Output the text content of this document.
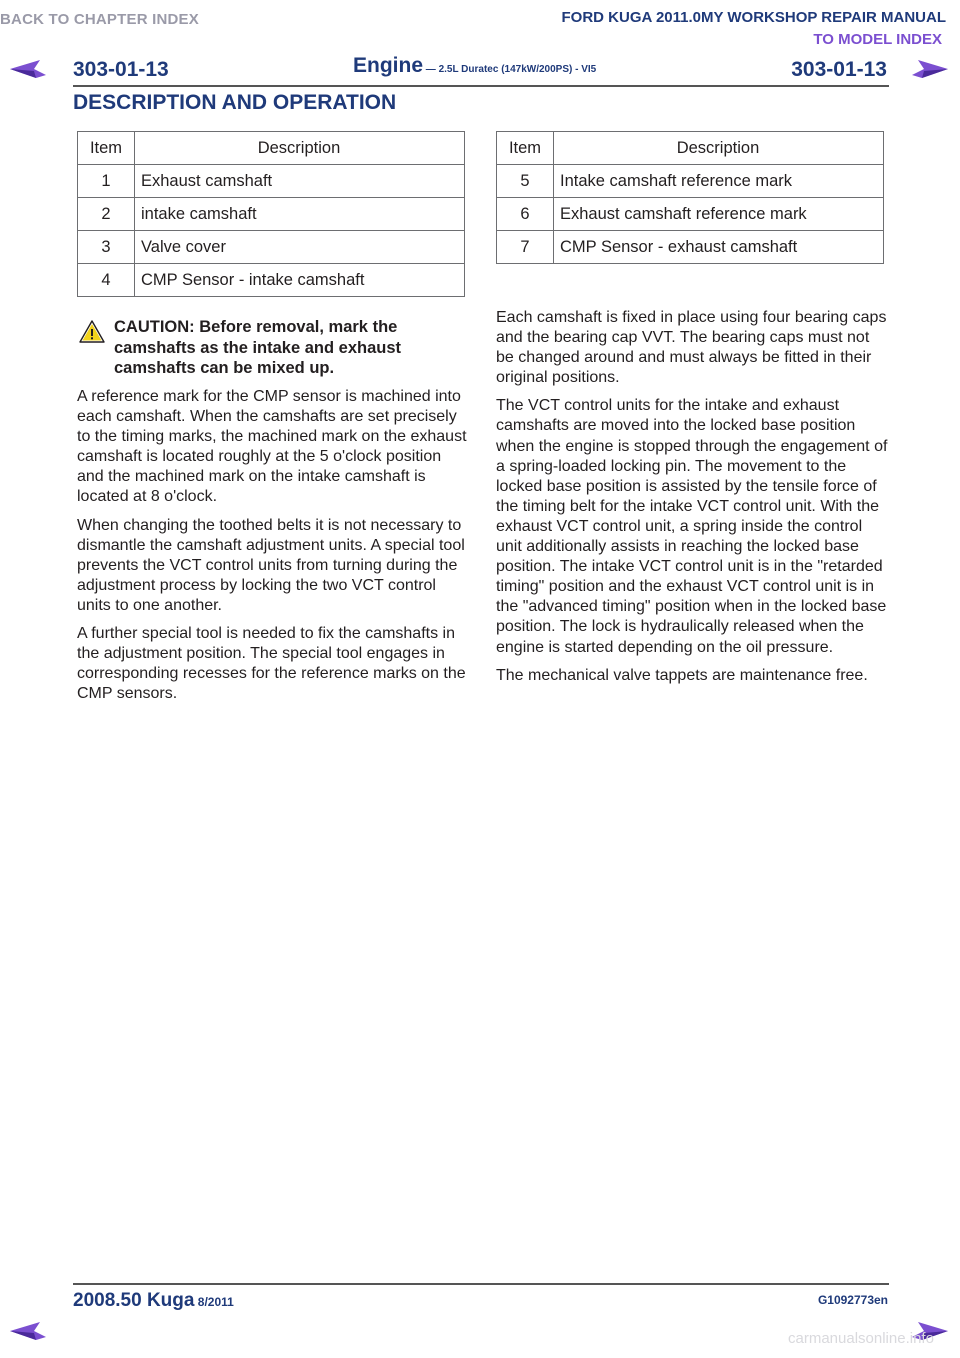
BACK TO CHAPTER INDEX	FORD KUGA 2011.0MY WORKSHOP REPAIR MANUAL
TO MODEL INDEX
303-01-13	Engine — 2.5L Duratec (147kW/200PS) - VI5	303-01-13
DESCRIPTION AND OPERATION
Item	Description
1	Exhaust camshaft
2	intake camshaft
3	Valve cover
4	CMP Sensor - intake camshaft
Item	Description
5	Intake camshaft reference mark
6	Exhaust camshaft reference mark
7	CMP Sensor - exhaust camshaft
CAUTION: Before removal, mark the camshafts as the intake and exhaust camshafts can be mixed up.

A reference mark for the CMP sensor is machined into each camshaft. When the camshafts are set precisely to the timing marks, the machined mark on the exhaust camshaft is located roughly at the 5 o'clock position and the machined mark on the intake camshaft is located at 8 o'clock.

When changing the toothed belts it is not necessary to dismantle the camshaft adjustment units. A special tool prevents the VCT control units from turning during the adjustment process by locking the two VCT control units to one another.

A further special tool is needed to fix the camshafts in the adjustment position. The special tool engages in corresponding recesses for the reference marks on the CMP sensors.

Each camshaft is fixed in place using four bearing caps and the bearing cap VVT. The bearing caps must not be changed around and must always be fitted in their original positions.

The VCT control units for the intake and exhaust camshafts are moved into the locked base position when the engine is stopped through the engagement of a spring-loaded locking pin. The movement to the locked base position is assisted by the tensile force of the timing belt for the intake VCT control unit. With the exhaust VCT control unit, a spring inside the control unit additionally assists in reaching the locked base position. The intake VCT control unit is in the "retarded timing" position and the exhaust VCT control unit is in the "advanced timing" position when in the locked base position. The lock is hydraulically released when the engine is started depending on the oil pressure.

The mechanical valve tappets are maintenance free.

2008.50 Kuga 8/2011	G1092773en
carmanualsonline.info
